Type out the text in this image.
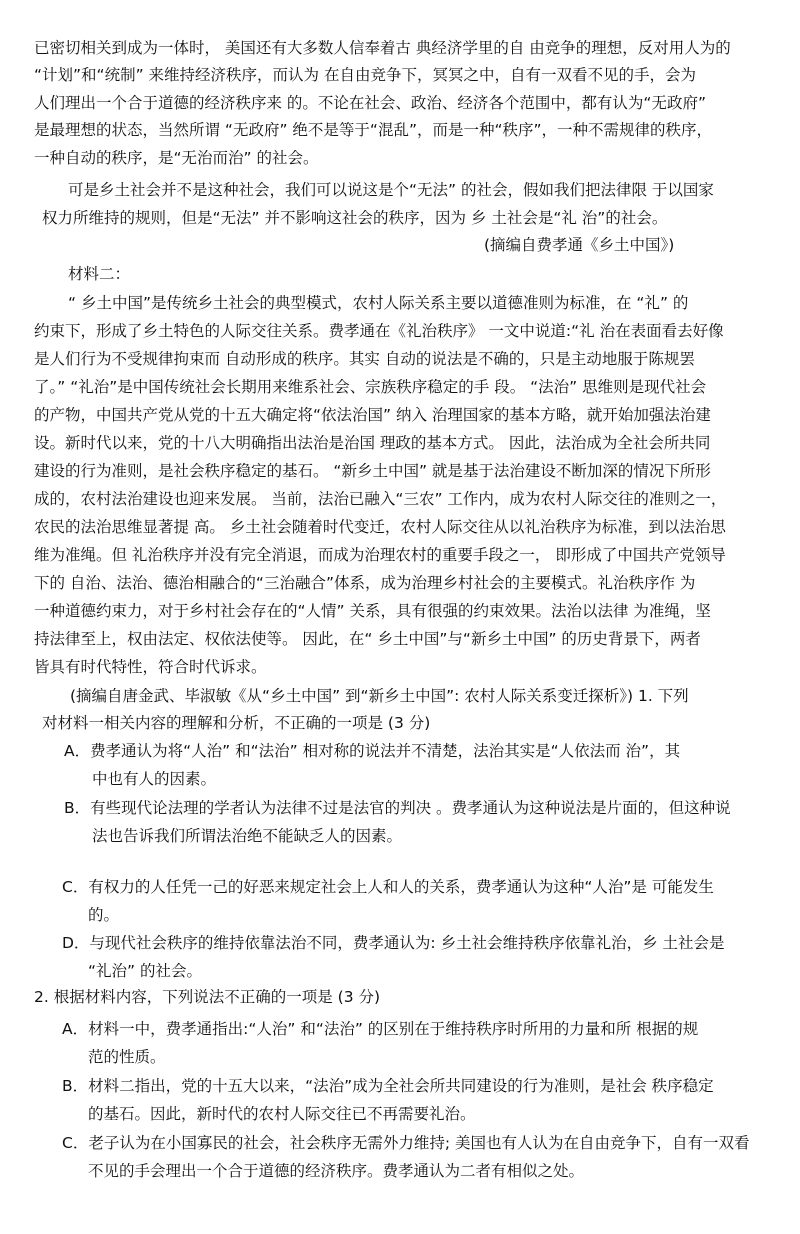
已密切相关到成为一体时， 美国还有大多数人信奉着古 典经济学里的自 由竞争的理想，反对用人为的
“计划”和“统制” 来维持经济秩序，而认为 在自由竞争下，冥冥之中，自有一双看不见的手，会为
人们理出一个合于道德的经济秩序来 的。不论在社会、政治、经济各个范围中，都有认为“无政府”
是最理想的状态，当然所谓 “无政府” 绝不是等于“混乱”，而是一种“秩序”，一种不需规律的秩序，
一种自动的秩序，是“无治而治” 的社会。
可是乡土社会并不是这种社会，我们可以说这是个“无法” 的社会，假如我们把法律限 于以国家
权力所维持的规则，但是“无法” 并不影响这社会的秩序，因为 乡 土社会是“礼 治”的社会。
(摘编自费孝通《乡土中国》)
材料二：
“ 乡土中国”是传统乡土社会的典型模式，农村人际关系主要以道德准则为标准，在 “礼” 的
约束下，形成了乡土特色的人际交往关系。费孝通在《礼治秩序》 一文中说道:“礼 治在表面看去好像
是人们行为不受规律拘束而 自动形成的秩序。其实 自动的说法是不确的，只是主动地服于陈规罢
了。” “礼治”是中国传统社会长期用来维系社会、宗族秩序稳定的手 段。 “法治” 思维则是现代社会
的产物，中国共产党从党的十五大确定将“依法治国” 纳入 治理国家的基本方略，就开始加强法治建
设。新时代以来，党的十八大明确指出法治是治国 理政的基本方式。 因此，法治成为全社会所共同
建设的行为准则，是社会秩序稳定的基石。 “新乡土中国” 就是基于法治建设不断加深的情况下所形
成的，农村法治建设也迎来发展。 当前，法治已融入“三农” 工作内，成为农村人际交往的准则之一，
农民的法治思维显著提 高。 乡土社会随着时代变迁，农村人际交往从以礼治秩序为标准，到以法治思
维为准绳。但 礼治秩序并没有完全消退，而成为治理农村的重要手段之一， 即形成了中国共产党领导
下的 自治、法治、德治相融合的“三治融合”体系，成为治理乡村社会的主要模式。礼治秩序作 为
一种道德约束力，对于乡村社会存在的“人情” 关系，具有很强的约束效果。法治以法律 为准绳，坚
持法律至上，权由法定、权依法使等。 因此，在“ 乡土中国”与“新乡土中国” 的历史背景下，两者
皆具有时代特性，符合时代诉求。
(摘编自唐金武、毕淑敏《从“乡土中国” 到“新乡土中国”: 农村人际关系变迁探析》) 1. 下列
对材料一相关内容的理解和分析，不正确的一项是 (3 分)
A．费孝通认为将“人治” 和“法治” 相对称的说法并不清楚，法治其实是“人依法而 治”，其
中也有人的因素。
B．有些现代论法理的学者认为法律不过是法官的判决 。费孝通认为这种说法是片面的，但这种说
法也告诉我们所谓法治绝不能缺乏人的因素。
C．有权力的人任凭一己的好恶来规定社会上人和人的关系，费孝通认为这种“人治”是 可能发生
的。
D．与现代社会秩序的维持依靠法治不同，费孝通认为: 乡土社会维持秩序依靠礼治，乡 土社会是
“礼治” 的社会。
2. 根据材料内容，下列说法不正确的一项是 (3 分)
A．材料一中，费孝通指出:“人治” 和“法治” 的区别在于维持秩序时所用的力量和所 根据的规
范的性质。
B．材料二指出，党的十五大以来，“法治”成为全社会所共同建设的行为准则，是社会 秩序稳定
的基石。因此，新时代的农村人际交往已不再需要礼治。
C．老子认为在小国寡民的社会，社会秩序无需外力维持; 美国也有人认为在自由竞争下，自有一双看
不见的手会理出一个合于道德的经济秩序。费孝通认为二者有相似之处。
